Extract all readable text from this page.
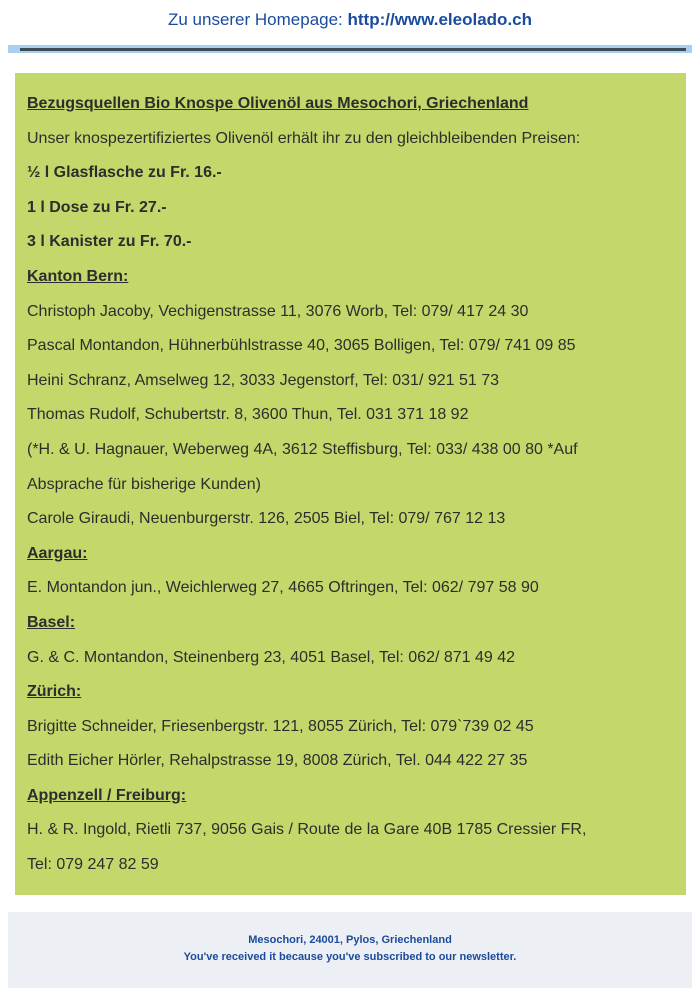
Zu unserer Homepage: http://www.eleolado.ch
Bezugsquellen Bio Knospe Olivenöl aus Mesochori, Griechenland
Unser knospezertifiziertes Olivenöl erhält ihr zu den gleichbleibenden Preisen:
½ l Glasflasche zu Fr. 16.-
1 l Dose zu Fr. 27.-
3 l Kanister zu Fr. 70.-
Kanton Bern:
Christoph Jacoby, Vechigenstrasse 11, 3076 Worb, Tel: 079/ 417 24 30
Pascal Montandon, Hühnerbühlstrasse 40, 3065 Bolligen, Tel: 079/ 741 09 85
Heini Schranz, Amselweg 12, 3033 Jegenstorf, Tel: 031/ 921 51 73
Thomas Rudolf, Schubertstr. 8, 3600 Thun, Tel. 031 371 18 92
(*H. & U. Hagnauer, Weberweg 4A, 3612 Steffisburg, Tel: 033/ 438 00 80 *Auf
Absprache für bisherige Kunden)
Carole Giraudi, Neuenburgerstr. 126, 2505 Biel, Tel: 079/ 767 12 13
Aargau:
E. Montandon jun., Weichlerweg 27, 4665 Oftringen, Tel: 062/ 797 58 90
Basel:
G. & C. Montandon, Steinenberg 23, 4051 Basel, Tel: 062/ 871 49 42
Zürich:
Brigitte Schneider, Friesenbergstr. 121, 8055 Zürich, Tel: 079`739 02 45
Edith Eicher Hörler, Rehalpstrasse 19, 8008 Zürich, Tel. 044 422 27 35
Appenzell / Freiburg:
H. & R. Ingold, Rietli 737, 9056 Gais / Route de la Gare 40B 1785 Cressier FR,
Tel: 079 247 82 59
Mesochori, 24001, Pylos, Griechenland
You've received it because you've subscribed to our newsletter.
